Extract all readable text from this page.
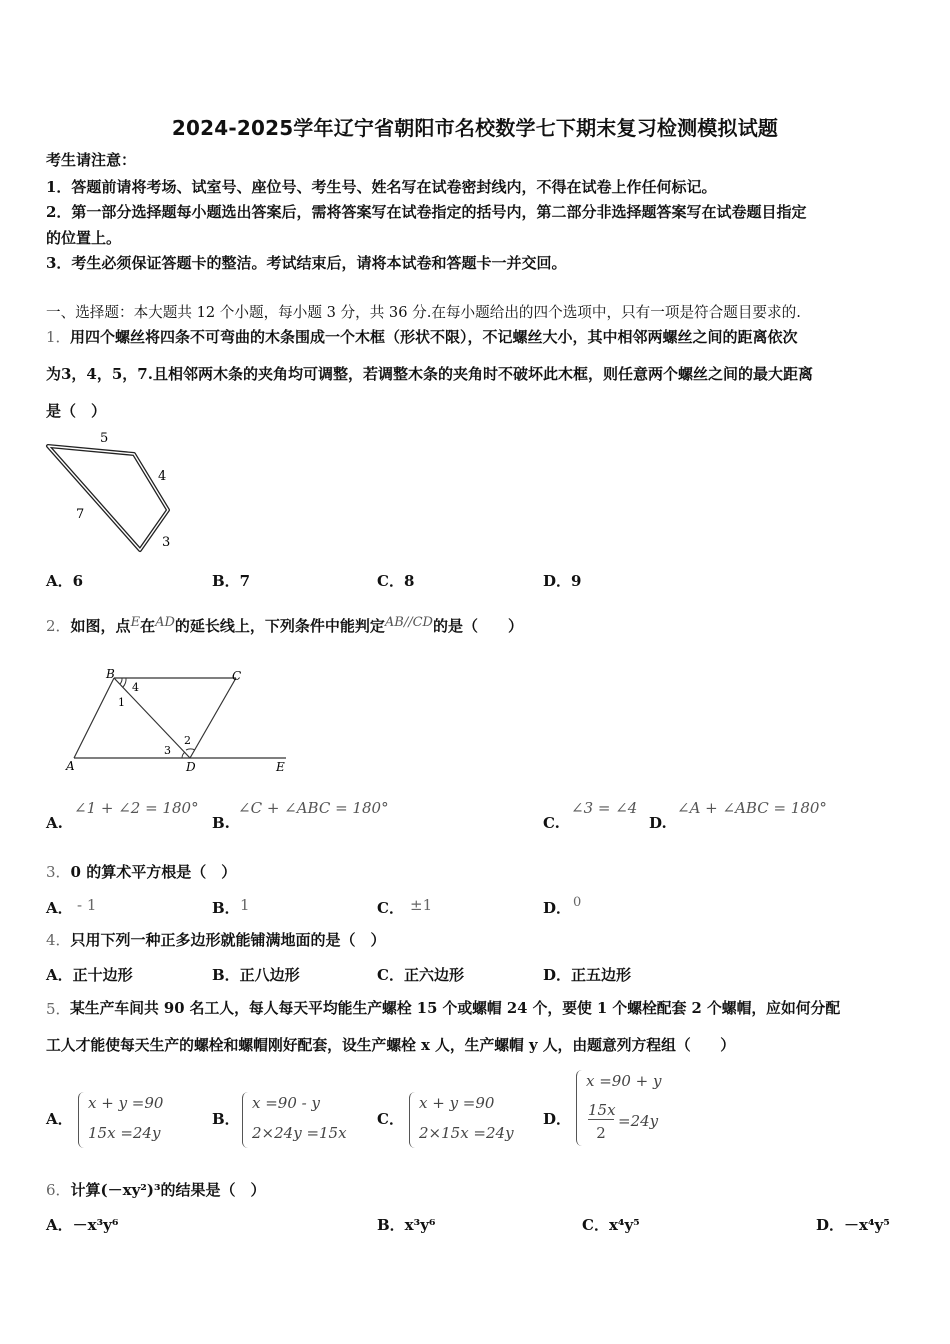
2024-2025学年辽宁省朝阳市名校数学七下期末复习检测模拟试题
考生请注意：
1．答题前请将考场、试室号、座位号、考生号、姓名写在试卷密封线内，不得在试卷上作任何标记。
2．第一部分选择题每小题选出答案后，需将答案写在试卷指定的括号内，第二部分非选择题答案写在试卷题目指定
的位置上。
3．考生必须保证答题卡的整洁。考试结束后，请将本试卷和答题卡一并交回。
一、选择题：本大题共 12 个小题，每小题 3 分，共 36 分.在每小题给出的四个选项中，只有一项是符合题目要求的.
1． 用四个螺丝将四条不可弯曲的木条围成一个木框（形状不限），不记螺丝大小，其中相邻两螺丝之间的距离依次
为3，4，5，7.且相邻两木条的夹角均可调整，若调整木条的夹角时不破坏此木框，则任意两个螺丝之间的最大距离
是（　）
5
4
7
3
A．6	B．7	C．8	D．9
2．如图，点E在AD的延长线上，下列条件中能判定AB//CD的是（　　）
B	C
A	D	E
1
2
3
4
A.
∠1 + ∠2 = 180°
B.
∠C + ∠ABC = 180°
C.
∠3 = ∠4
D.
∠A + ∠ABC = 180°
3．0 的算术平方根是（　）
A． - 1	B． 1	C． ±1	D． 0
4．只用下列一种正多边形就能铺满地面的是（　）
A．正十边形	B．正八边形	C．正六边形	D．正五边形
5． 某生产车间共 90 名工人，每人每天平均能生产螺栓 15 个或螺帽 24 个，要使 1 个螺栓配套 2 个螺帽，应如何分配
工人才能使每天生产的螺栓和螺帽刚好配套，设生产螺栓 x 人，生产螺帽 y 人，由题意列方程组（　　）
A．
x + y =90
15x =24y
B．
x =90 - y
2×24y =15x
C．
x + y =90
2×15x =24y
D．
x =90 + y
15x
2
=24y
6．计算(－xy²)³的结果是（　）
A．－x³y⁶	B．x³y⁶	C．x⁴y⁵	D．－x⁴y⁵
